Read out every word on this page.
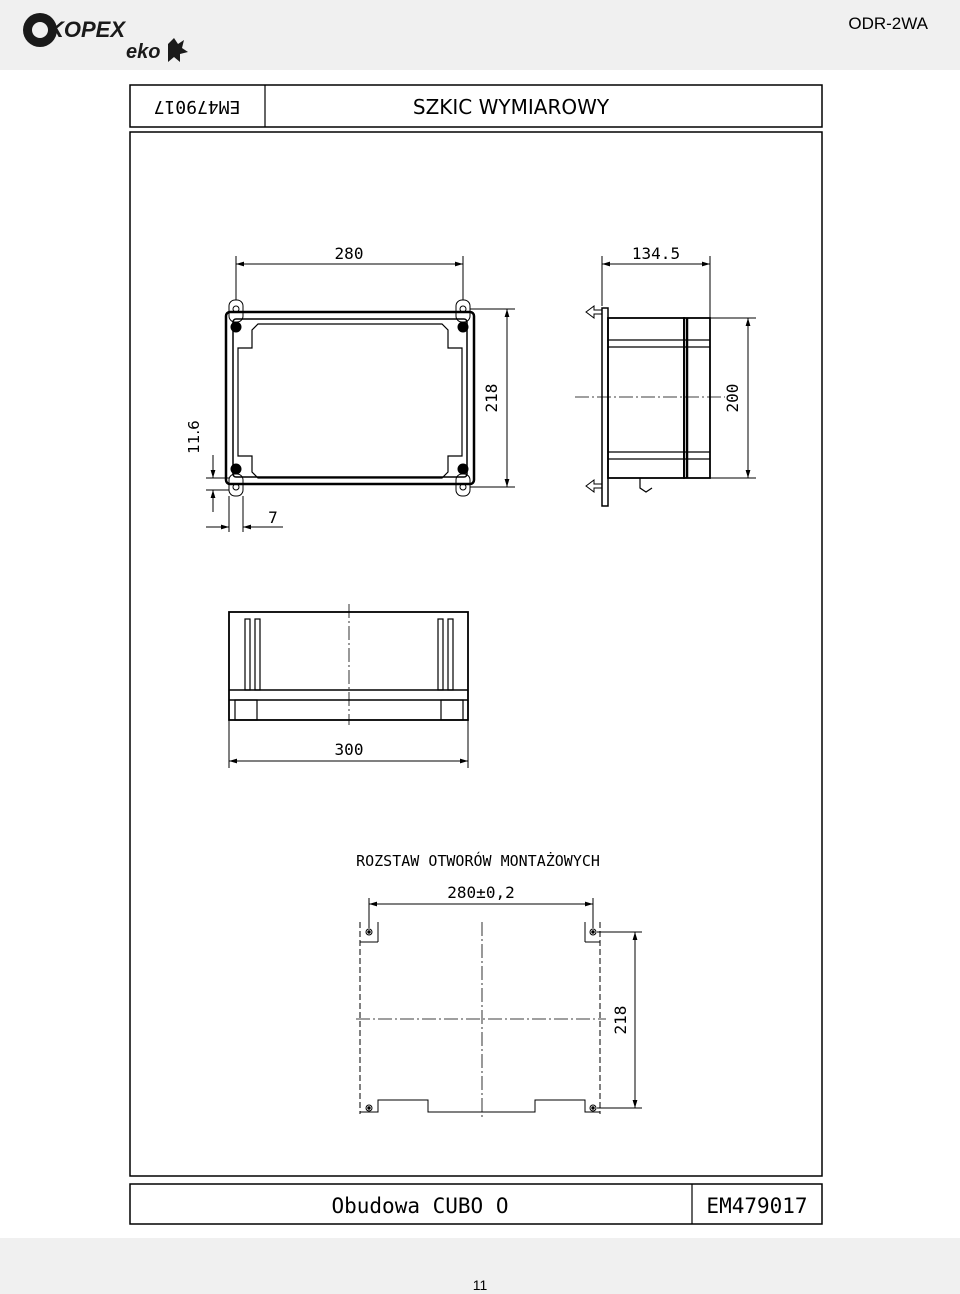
KOPEX
eko
ODR-2WA
EM479017	SZKIC WYMIAROWY
280
218
11.6
7
134.5
200
300
ROZSTAW OTWORÓW MONTAŻOWYCH
280±0,2
218
Obudowa CUBO O	EM479017
11
